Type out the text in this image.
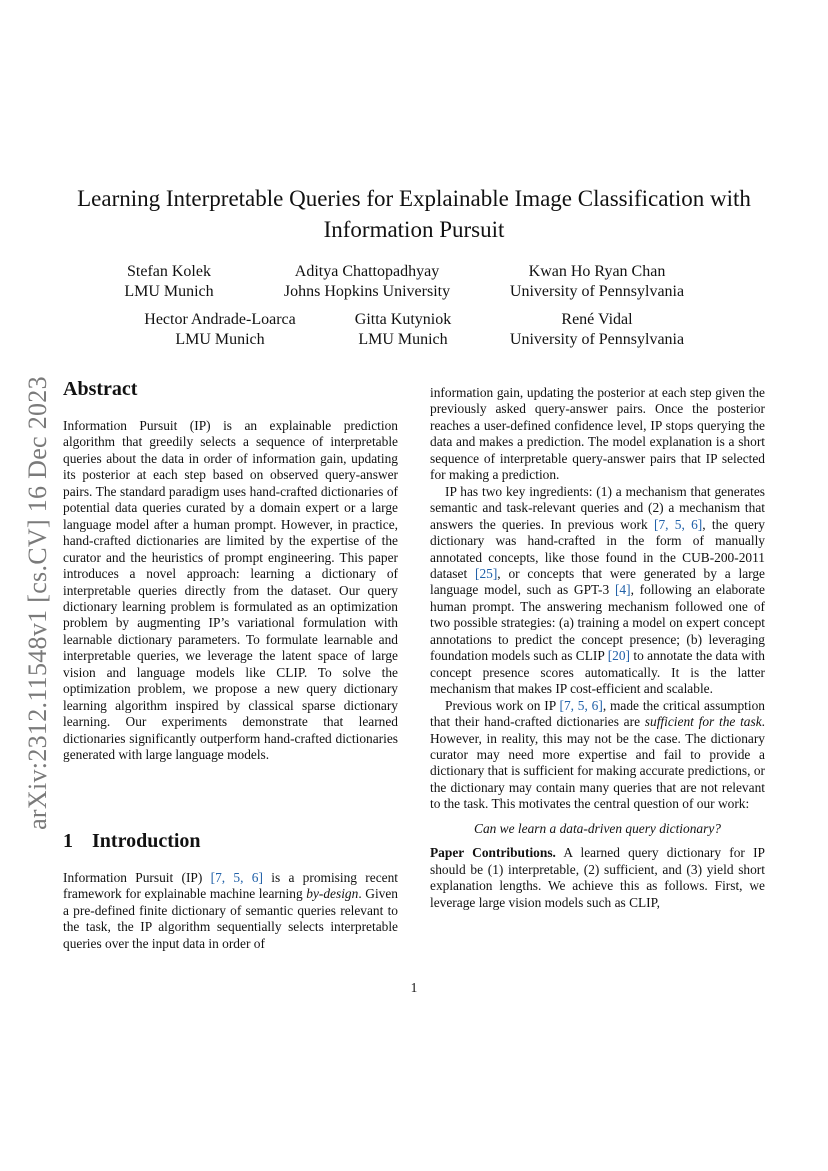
arXiv:2312.11548v1 [cs.CV] 16 Dec 2023
Learning Interpretable Queries for Explainable Image Classification with Information Pursuit
Stefan Kolek
LMU Munich
Aditya Chattopadhyay
Johns Hopkins University
Kwan Ho Ryan Chan
University of Pennsylvania
Hector Andrade-Loarca
LMU Munich
Gitta Kutyniok
LMU Munich
René Vidal
University of Pennsylvania
Abstract

Information Pursuit (IP) is an explainable prediction algorithm that greedily selects a sequence of interpretable queries about the data in order of information gain, updating its posterior at each step based on observed query-answer pairs. The standard paradigm uses hand-crafted dictionaries of potential data queries curated by a domain expert or a large language model after a human prompt. However, in practice, hand-crafted dictionaries are limited by the expertise of the curator and the heuristics of prompt engineering. This paper introduces a novel approach: learning a dictionary of interpretable queries directly from the dataset. Our query dictionary learning problem is formulated as an optimization problem by augmenting IP’s variational formulation with learnable dictionary parameters. To formulate learnable and interpretable queries, we leverage the latent space of large vision and language models like CLIP. To solve the optimization problem, we propose a new query dictionary learning algorithm inspired by classical sparse dictionary learning. Our experiments demonstrate that learned dictionaries significantly outperform hand-crafted dictionaries generated with large language models.

1 Introduction

Information Pursuit (IP) [7, 5, 6] is a promising recent framework for explainable machine learning by-design. Given a pre-defined finite dictionary of semantic queries relevant to the task, the IP algorithm sequentially selects interpretable queries over the input data in order of

information gain, updating the posterior at each step given the previously asked query-answer pairs. Once the posterior reaches a user-defined confidence level, IP stops querying the data and makes a prediction. The model explanation is a short sequence of interpretable query-answer pairs that IP selected for making a prediction.

IP has two key ingredients: (1) a mechanism that generates semantic and task-relevant queries and (2) a mechanism that answers the queries. In previous work [7, 5, 6], the query dictionary was hand-crafted in the form of manually annotated concepts, like those found in the CUB-200-2011 dataset [25], or concepts that were generated by a large language model, such as GPT-3 [4], following an elaborate human prompt. The answering mechanism followed one of two possible strategies: (a) training a model on expert concept annotations to predict the concept presence; (b) leveraging foundation models such as CLIP [20] to annotate the data with concept presence scores automatically. It is the latter mechanism that makes IP cost-efficient and scalable.

Previous work on IP [7, 5, 6], made the critical assumption that their hand-crafted dictionaries are sufficient for the task. However, in reality, this may not be the case. The dictionary curator may need more expertise and fail to provide a dictionary that is sufficient for making accurate predictions, or the dictionary may contain many queries that are not relevant to the task. This motivates the central question of our work:

Can we learn a data-driven query dictionary?

Paper Contributions. A learned query dictionary for IP should be (1) interpretable, (2) sufficient, and (3) yield short explanation lengths. We achieve this as follows. First, we leverage large vision models such as CLIP,

1
